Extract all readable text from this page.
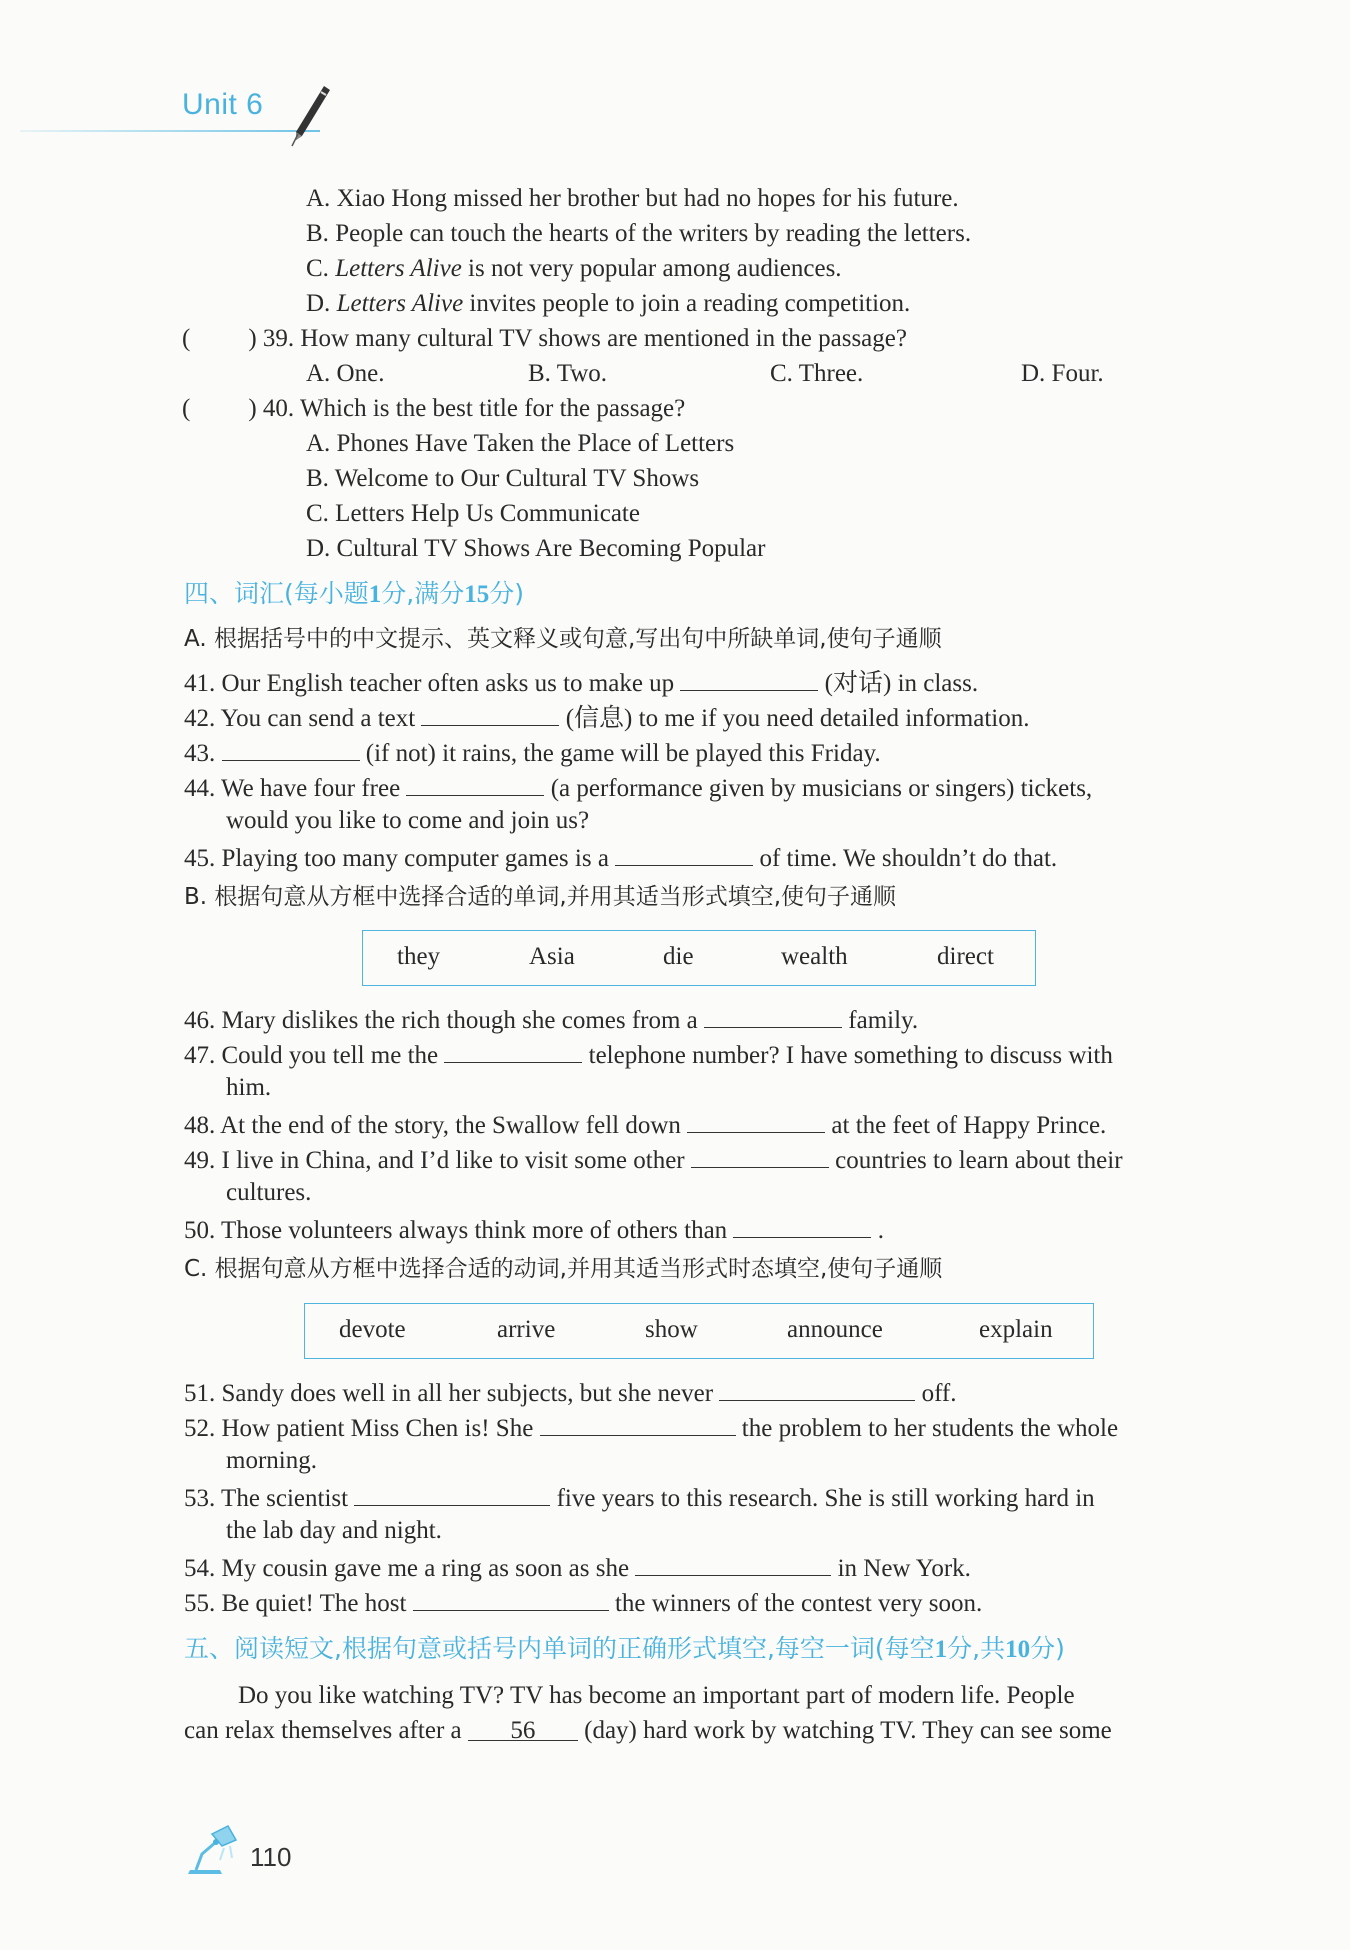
Unit 6
A. Xiao Hong missed her brother but had no hopes for his future.
B. People can touch the hearts of the writers by reading the letters.
C. Letters Alive is not very popular among audiences.
D. Letters Alive invites people to join a reading competition.
( ) 39. How many cultural TV shows are mentioned in the passage?
A. One.	B. Two.	C. Three.	D. Four.
( ) 40. Which is the best title for the passage?
A. Phones Have Taken the Place of Letters
B. Welcome to Our Cultural TV Shows
C. Letters Help Us Communicate
D. Cultural TV Shows Are Becoming Popular
四、词汇(每小题1分,满分15分)
A. 根据括号中的中文提示、英文释义或句意,写出句中所缺单词,使句子通顺
41. Our English teacher often asks us to make up	(对话) in class.
42. You can send a text	(信息) to me if you need detailed information.
43.	(if not) it rains, the game will be played this Friday.
44. We have four free	(a performance given by musicians or singers) tickets,
would you like to come and join us?
45. Playing too many computer games is a	of time. We shouldn’t do that.
B. 根据句意从方框中选择合适的单词,并用其适当形式填空,使句子通顺
they	Asia	die	wealth	direct
46. Mary dislikes the rich though she comes from a	family.
47. Could you tell me the	telephone number? I have something to discuss with
him.
48. At the end of the story, the Swallow fell down	at the feet of Happy Prince.
49. I live in China, and I’d like to visit some other	countries to learn about their
cultures.
50. Those volunteers always think more of others than	.
C. 根据句意从方框中选择合适的动词,并用其适当形式时态填空,使句子通顺
devote	arrive	show	announce	explain
51. Sandy does well in all her subjects, but she never	off.
52. How patient Miss Chen is! She	the problem to her students the whole
morning.
53. The scientist	five years to this research. She is still working hard in
the lab day and night.
54. My cousin gave me a ring as soon as she	in New York.
55. Be quiet! The host	the winners of the contest very soon.
五、阅读短文,根据句意或括号内单词的正确形式填空,每空一词(每空1分,共10分)
Do you like watching TV? TV has become an important part of modern life. People
can relax themselves after a 56 (day) hard work by watching TV. They can see some
110
